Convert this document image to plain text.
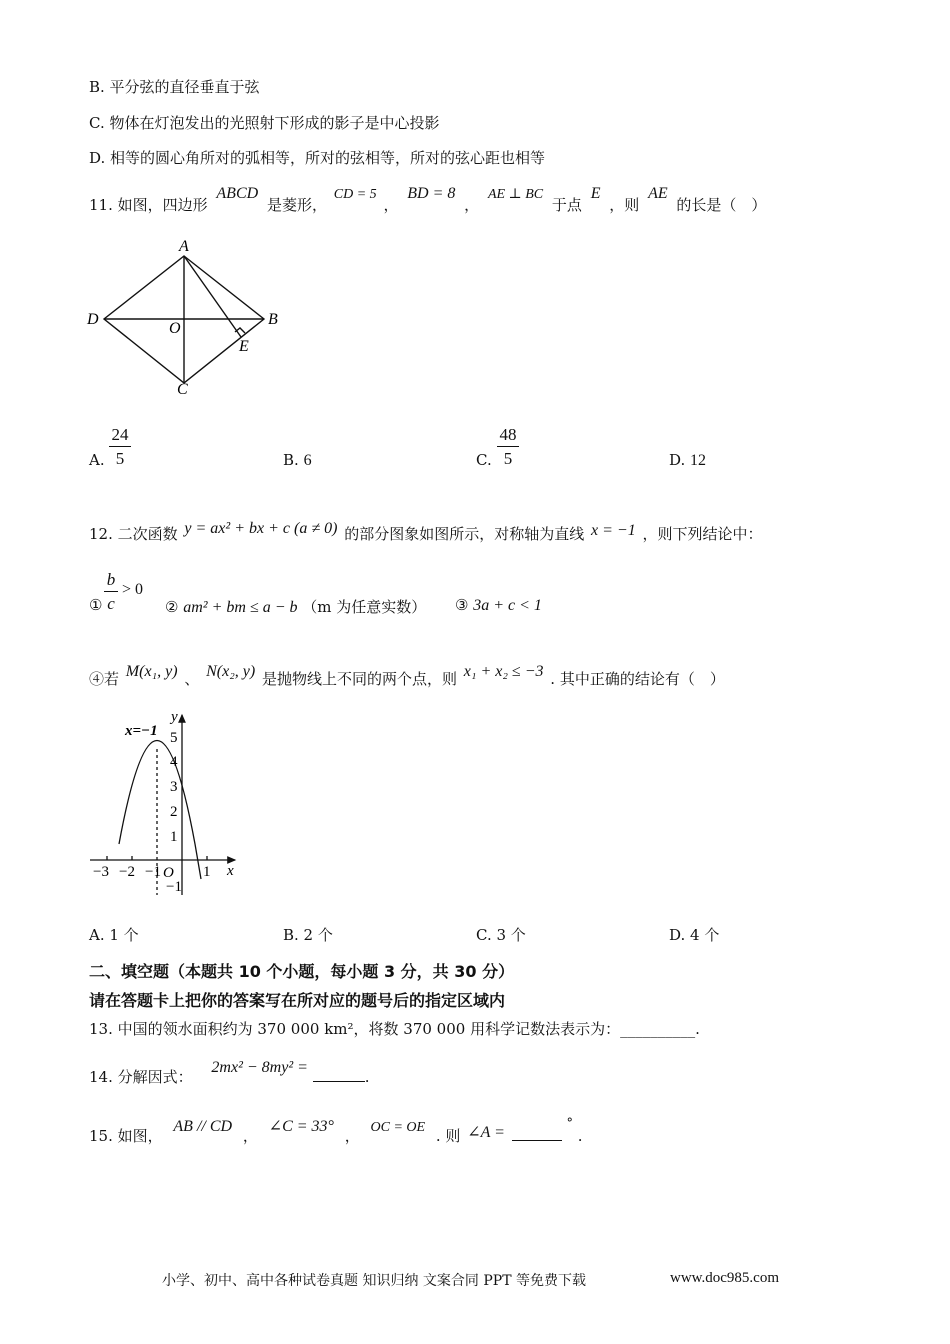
B. 平分弦的直径垂直于弦
C. 物体在灯泡发出的光照射下形成的影子是中心投影
D. 相等的圆心角所对的弧相等，所对的弦相等，所对的弦心距也相等
11. 如图，四边形 ABCD 是菱形， CD = 5 ， BD = 8 ， AE ⊥ BC 于点 E ，则 AE 的长是（　）
A
B
C
D
O
E
A.
24
5	B. 6	C.
48
5	D. 12
12. 二次函数 y = ax² + bx + c (a ≠ 0) 的部分图象如图所示，对称轴为直线 x = −1 ，则下列结论中：
①
b
c
> 0
② am² + bm ≤ a − b （m 为任意实数） ③ 3a + c < 1
④若 M(x₁, y) 、 N(x₂, y) 是抛物线上不同的两个点，则 x₁ + x₂ ≤ −3 . 其中正确的结论有（　）
x=−1
y
x
O
5
4
3
2
1
−1
−3 −2 −1	1
A. 1 个	B. 2 个	C. 3 个	D. 4 个
二、填空题（本题共 10 个小题，每小题 3 分，共 30 分）
请在答题卡上把你的答案写在所对应的题号后的指定区域内
13. 中国的领水面积约为 370 000 km²，将数 370 000 用科学记数法表示为：__________.
14. 分解因式： 2mx² − 8my² = .
15. 如图， AB // CD ， ∠C = 33° ， OC = OE . 则 ∠A =  ° .
小学、初中、高中各种试卷真题 知识归纳 文案合同 PPT 等免费下载	www.doc985.com
